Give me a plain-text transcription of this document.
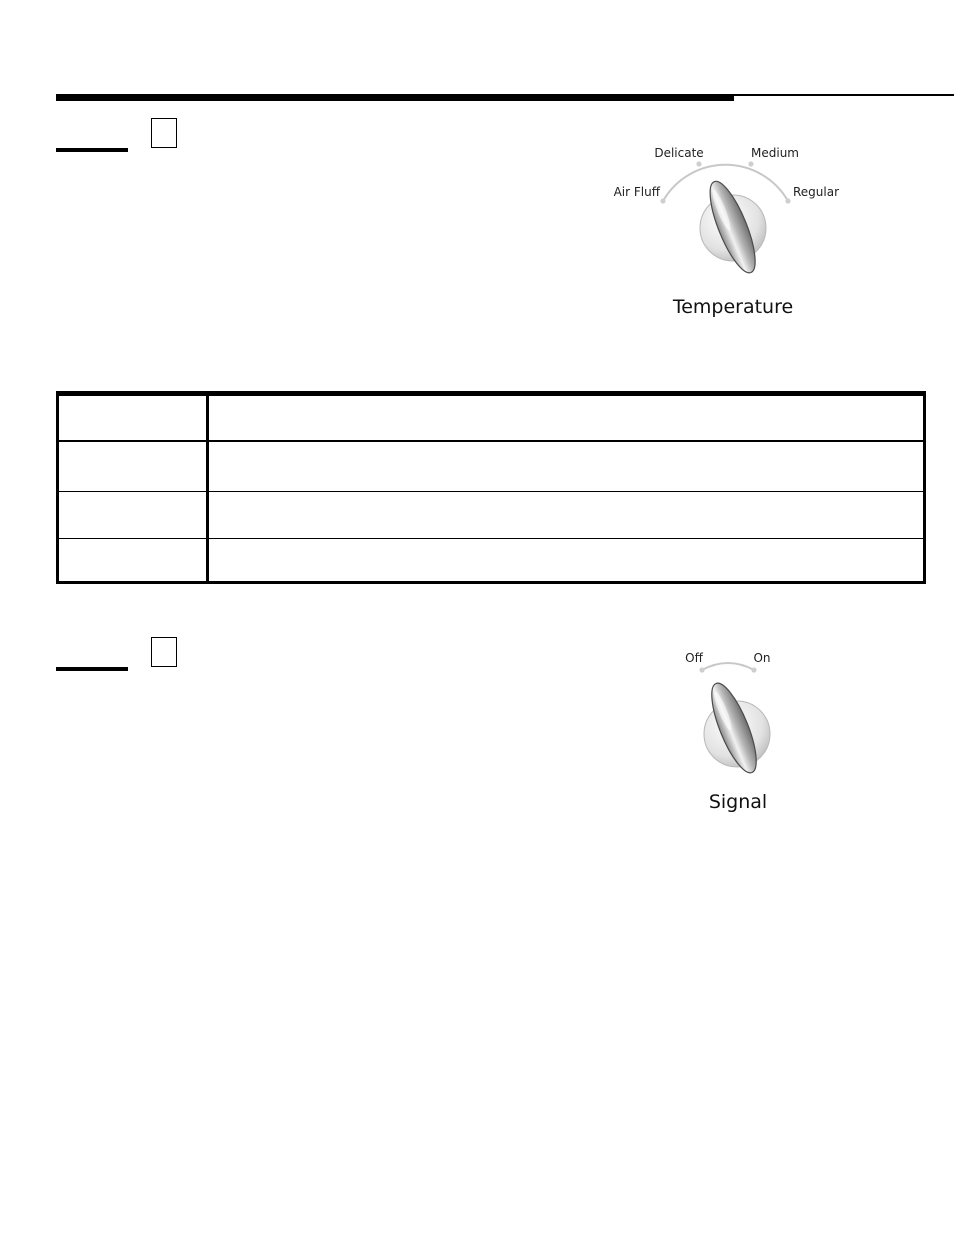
Air Fluff
Delicate	Medium
Regular
Temperature

Off	On
Signal
